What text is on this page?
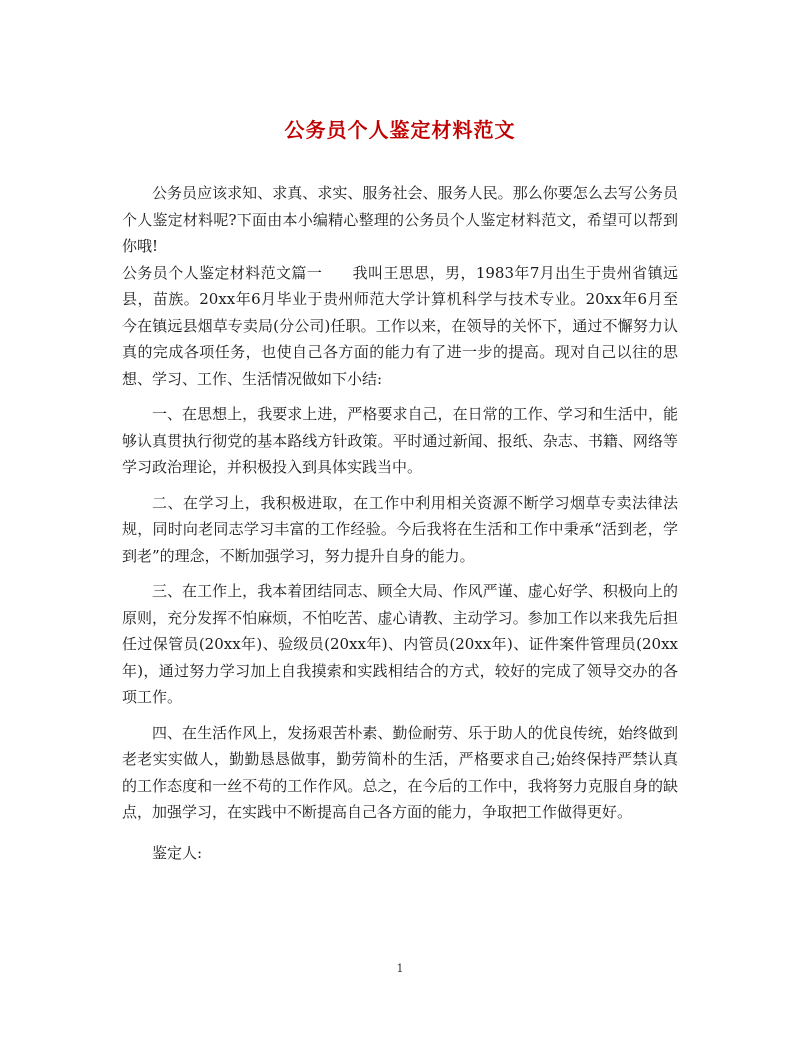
公务员个人鉴定材料范文

公务员应该求知、求真、求实、服务社会、服务人民。那么你要怎么去写公务员个人鉴定材料呢?下面由本小编精心整理的公务员个人鉴定材料范文，希望可以帮到你哦!

公务员个人鉴定材料范文篇一 我叫王思思，男，1983年7月出生于贵州省镇远县，苗族。20xx年6月毕业于贵州师范大学计算机科学与技术专业。20xx年6月至今在镇远县烟草专卖局(分公司)任职。工作以来，在领导的关怀下，通过不懈努力认真的完成各项任务，也使自己各方面的能力有了进一步的提高。现对自己以往的思想、学习、工作、生活情况做如下小结:

一、在思想上，我要求上进，严格要求自己，在日常的工作、学习和生活中，能够认真贯执行彻党的基本路线方针政策。平时通过新闻、报纸、杂志、书籍、网络等学习政治理论，并积极投入到具体实践当中。

二、在学习上，我积极进取，在工作中利用相关资源不断学习烟草专卖法律法规，同时向老同志学习丰富的工作经验。今后我将在生活和工作中秉承“活到老，学到老”的理念，不断加强学习，努力提升自身的能力。

三、在工作上，我本着团结同志、顾全大局、作风严谨、虚心好学、积极向上的原则，充分发挥不怕麻烦，不怕吃苦、虚心请教、主动学习。参加工作以来我先后担任过保管员(20xx年)、验级员(20xx年)、内管员(20xx年)、证件案件管理员(20xx年)，通过努力学习加上自我摸索和实践相结合的方式，较好的完成了领导交办的各项工作。

四、在生活作风上，发扬艰苦朴素、勤俭耐劳、乐于助人的优良传统，始终做到老老实实做人，勤勤恳恳做事，勤劳简朴的生活，严格要求自己;始终保持严禁认真的工作态度和一丝不苟的工作作风。总之，在今后的工作中，我将努力克服自身的缺点，加强学习，在实践中不断提高自己各方面的能力，争取把工作做得更好。

鉴定人:

1
